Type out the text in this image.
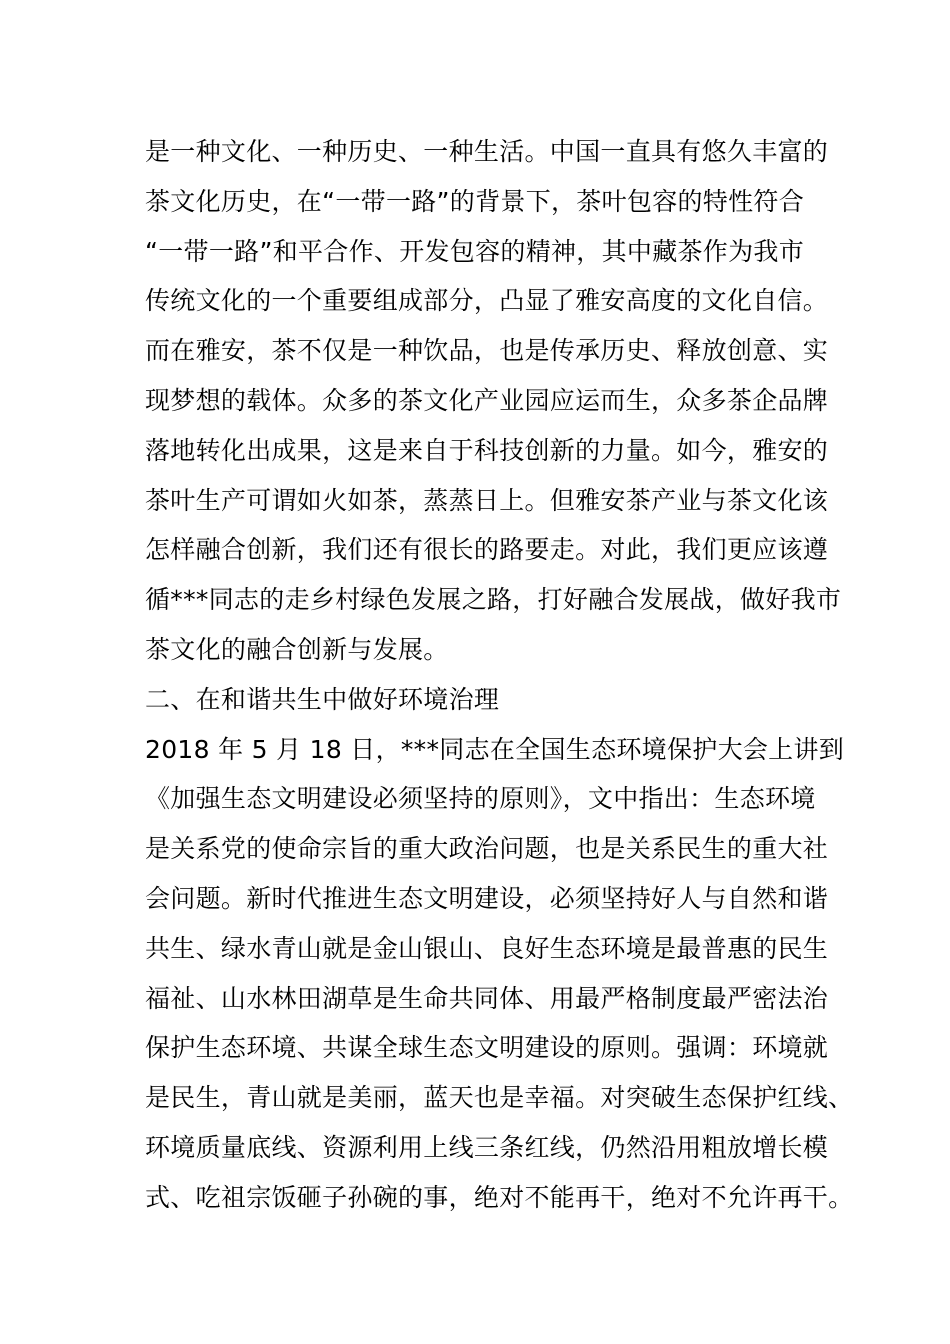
是一种文化、一种历史、一种生活。中国一直具有悠久丰富的
茶文化历史，在“一带一路”的背景下，茶叶包容的特性符合
“一带一路”和平合作、开发包容的精神，其中藏茶作为我市
传统文化的一个重要组成部分，凸显了雅安高度的文化自信。
而在雅安，茶不仅是一种饮品，也是传承历史、释放创意、实
现梦想的载体。众多的茶文化产业园应运而生，众多茶企品牌
落地转化出成果，这是来自于科技创新的力量。如今，雅安的
茶叶生产可谓如火如茶，蒸蒸日上。但雅安茶产业与茶文化该
怎样融合创新，我们还有很长的路要走。对此，我们更应该遵
循***同志的走乡村绿色发展之路，打好融合发展战，做好我市
茶文化的融合创新与发展。
二、在和谐共生中做好环境治理
2018 年 5 月 18 日，***同志在全国生态环境保护大会上讲到
《加强生态文明建设必须坚持的原则》，文中指出：生态环境
是关系党的使命宗旨的重大政治问题，也是关系民生的重大社
会问题。新时代推进生态文明建设，必须坚持好人与自然和谐
共生、绿水青山就是金山银山、良好生态环境是最普惠的民生
福祉、山水林田湖草是生命共同体、用最严格制度最严密法治
保护生态环境、共谋全球生态文明建设的原则。强调：环境就
是民生，青山就是美丽，蓝天也是幸福。对突破生态保护红线、
环境质量底线、资源利用上线三条红线，仍然沿用粗放增长模
式、吃祖宗饭砸子孙碗的事，绝对不能再干，绝对不允许再干。
